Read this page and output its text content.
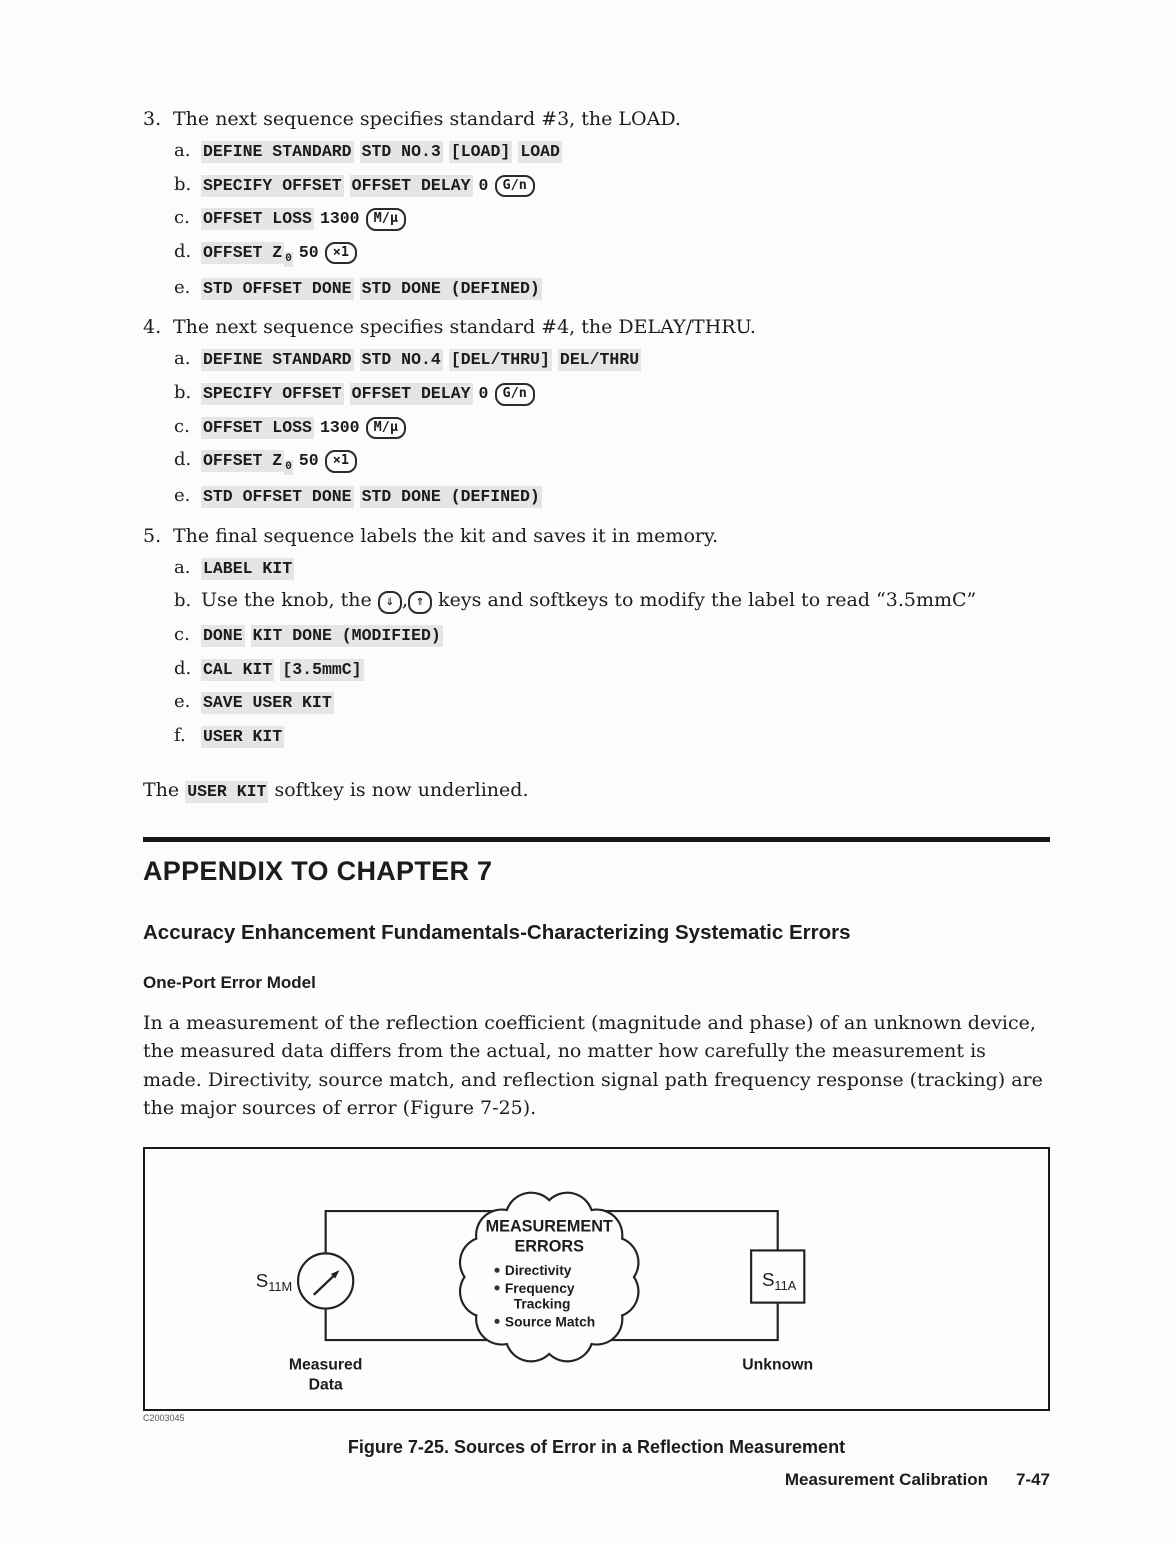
3. The next sequence specifies standard #3, the LOAD.
a. DEFINE STANDARD STD NO.3 [LOAD] LOAD
b. SPECIFY OFFSET OFFSET DELAY 0 G/n
c. OFFSET LOSS 1300 M/μ
d. OFFSET Z $_0$ 50 ×1
e. STD OFFSET DONE STD DONE (DEFINED)
4. The next sequence specifies standard #4, the DELAY/THRU.
a. DEFINE STANDARD STD NO.4 [DEL/THRU] DEL/THRU
b. SPECIFY OFFSET OFFSET DELAY 0 G/n
c. OFFSET LOSS 1300 M/μ
d. OFFSET Z $_0$ 50 ×1
e. STD OFFSET DONE STD DONE (DEFINED)
5. The final sequence labels the kit and saves it in memory.
a. LABEL KIT
b. Use the knob, the ⇓ , ⇑ keys and softkeys to modify the label to read “3.5mmC”
c. DONE KIT DONE (MODIFIED)
d. CAL KIT [3.5mmC]
e. SAVE USER KIT
f. USER KIT

The USER KIT softkey is now underlined.

APPENDIX TO CHAPTER 7
Accuracy Enhancement Fundamentals-Characterizing Systematic Errors
One-Port Error Model

In a measurement of the reflection coefficient (magnitude and phase) of an unknown device, the measured data differs from the actual, no matter how carefully the measurement is made. Directivity, source match, and reflection signal path frequency response (tracking) are the major sources of error (Figure 7-25).

MEASUREMENT
ERRORS
Directivity
Frequency
Tracking
Source Match
$S_{11M}$	$S_{11A}$
Measured
Data
Unknown
C2003045
Figure 7-25. Sources of Error in a Reflection Measurement
Measurement Calibration 7-47
